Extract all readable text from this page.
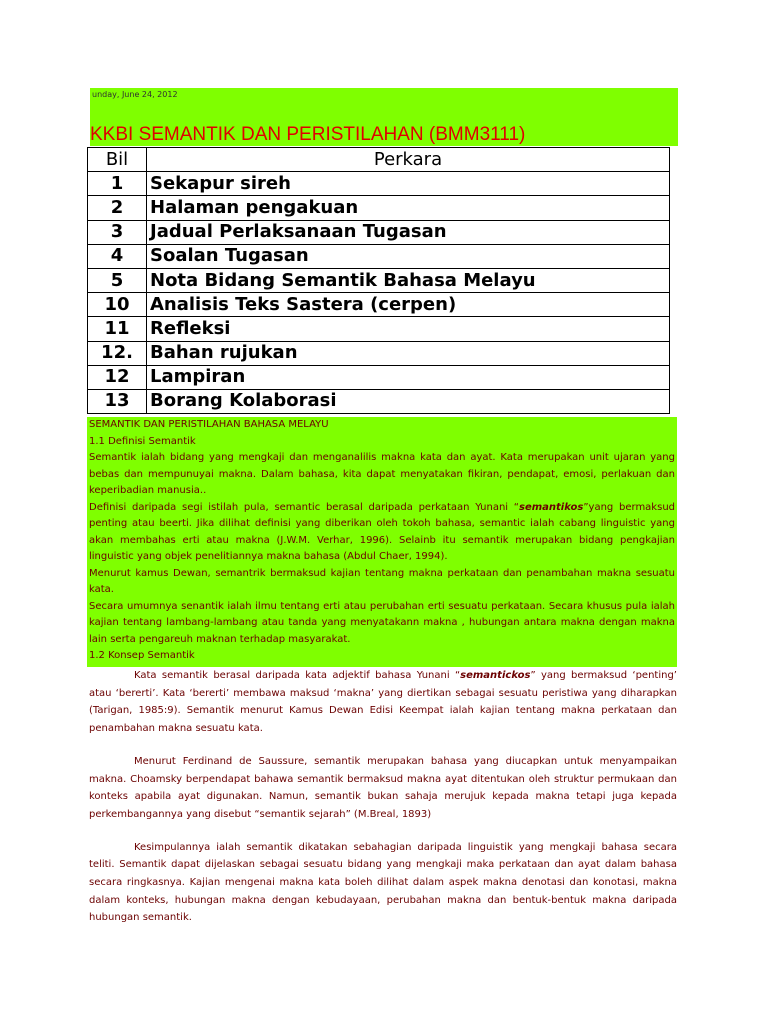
unday, June 24, 2012
KKBI SEMANTIK DAN PERISTILAHAN (BMM3111)
Bil	Perkara
1	Sekapur sireh
2	Halaman pengakuan
3	Jadual Perlaksanaan Tugasan
4	Soalan Tugasan
5	Nota Bidang Semantik Bahasa Melayu
10	Analisis Teks Sastera (cerpen)
11	Refleksi
12.	Bahan rujukan
12	Lampiran
13	Borang Kolaborasi

SEMANTIK DAN PERISTILAHAN BAHASA MELAYU

1.1 Definisi Semantik

Semantik ialah bidang yang mengkaji dan menganalilis makna kata dan ayat. Kata merupakan unit ujaran yang bebas dan mempunuyai makna. Dalam bahasa, kita dapat menyatakan fikiran, pendapat, emosi, perlakuan dan keperibadian manusia..

Definisi daripada segi istilah pula, semantic berasal daripada perkataan Yunani “semantikos”yang bermaksud penting atau beerti. Jika dilihat definisi yang diberikan oleh tokoh bahasa, semantic ialah cabang linguistic yang akan membahas erti atau makna (J.W.M. Verhar, 1996). Selainb itu semantik merupakan bidang pengkajian linguistic yang objek penelitiannya makna bahasa (Abdul Chaer, 1994).

Menurut kamus Dewan, semantrik bermaksud kajian tentang makna perkataan dan penambahan makna sesuatu kata.

Secara umumnya senantik ialah ilmu tentang erti atau perubahan erti sesuatu perkataan. Secara khusus pula ialah kajian tentang lambang-lambang atau tanda yang menyatakann makna , hubungan antara makna dengan makna lain serta pengareuh maknan terhadap masyarakat.

1.2 Konsep Semantik

Kata semantik berasal daripada kata adjektif bahasa Yunani “semantickos” yang bermaksud ‘penting’ atau ‘bererti’. Kata ‘bererti’ membawa maksud ‘makna’ yang diertikan sebagai sesuatu peristiwa yang diharapkan (Tarigan, 1985:9). Semantik menurut Kamus Dewan Edisi Keempat ialah kajian tentang makna perkataan dan penambahan makna sesuatu kata.

Menurut Ferdinand de Saussure, semantik merupakan bahasa yang diucapkan untuk menyampaikan makna. Choamsky berpendapat bahawa semantik bermaksud makna ayat ditentukan oleh struktur permukaan dan konteks apabila ayat digunakan. Namun, semantik bukan sahaja merujuk kepada makna tetapi juga kepada perkembangannya yang disebut “semantik sejarah” (M.Breal, 1893)

Kesimpulannya ialah semantik dikatakan sebahagian daripada linguistik yang mengkaji bahasa secara teliti. Semantik dapat dijelaskan sebagai sesuatu bidang yang mengkaji maka perkataan dan ayat dalam bahasa secara ringkasnya. Kajian mengenai makna kata boleh dilihat dalam aspek makna denotasi dan konotasi, makna dalam konteks, hubungan makna dengan kebudayaan, perubahan makna dan bentuk-bentuk makna daripada hubungan semantik.
